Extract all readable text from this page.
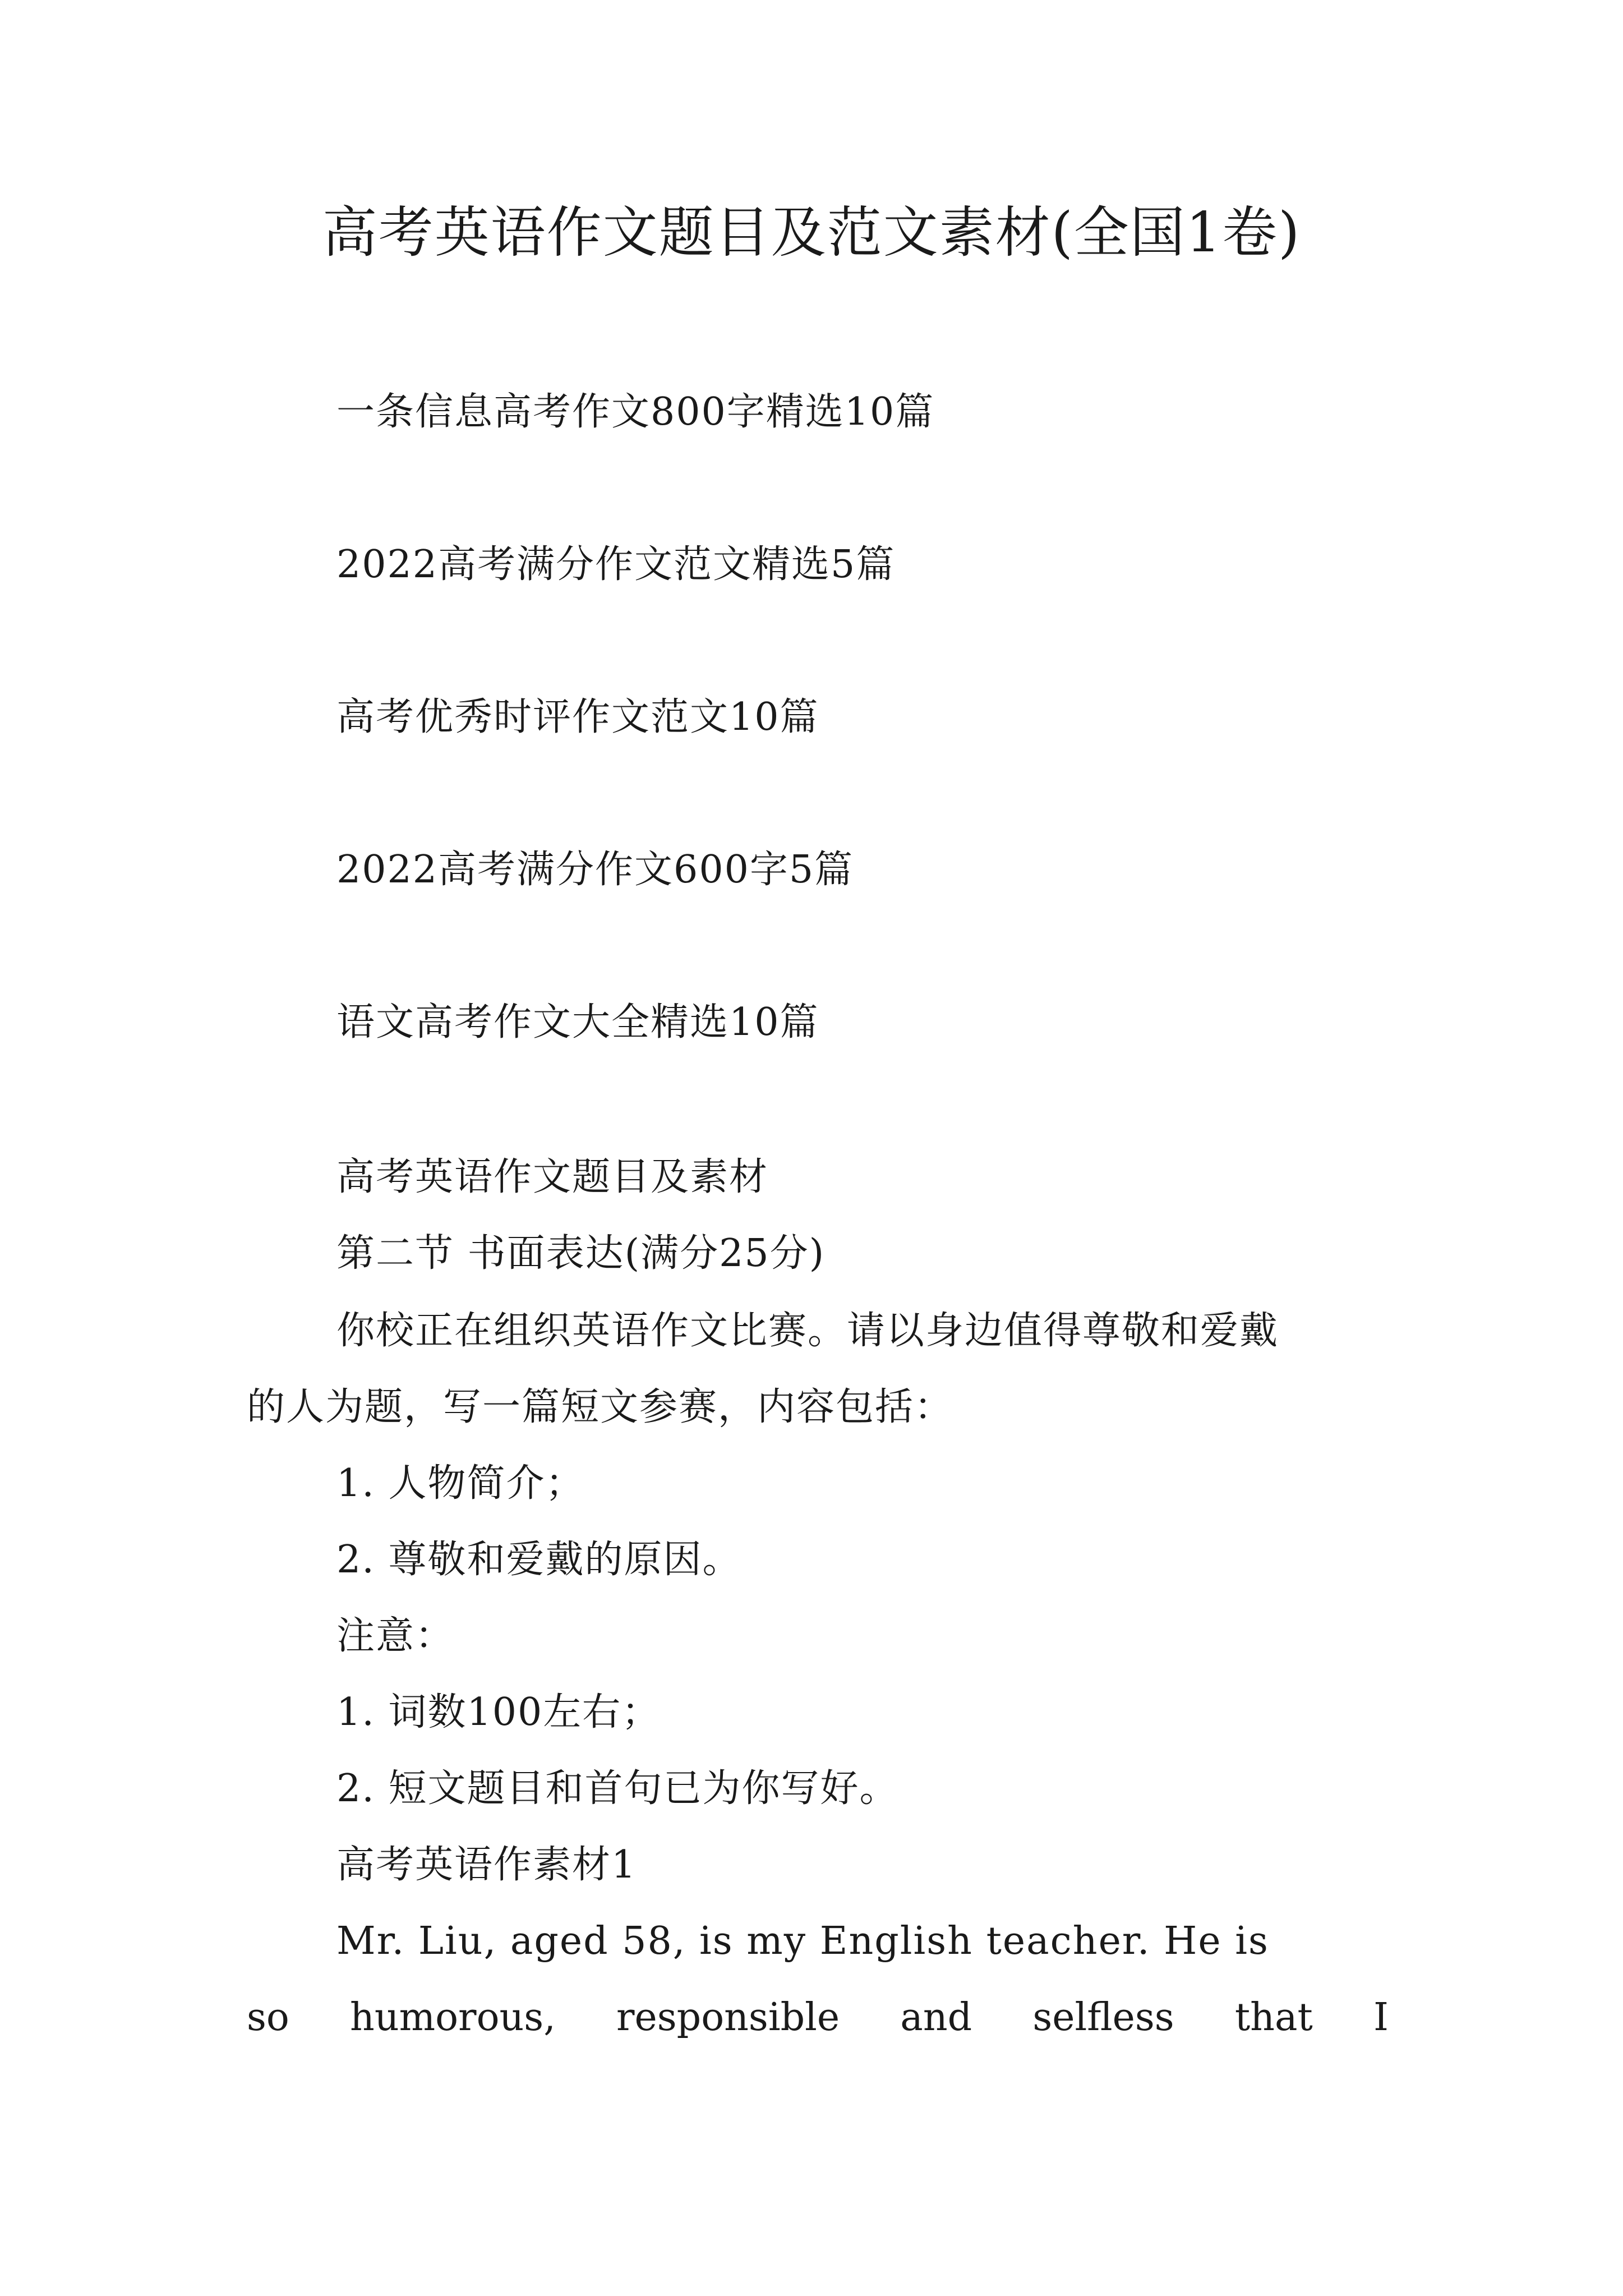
高考英语作文题目及范文素材(全国1卷)
一条信息高考作文800字精选10篇
2022高考满分作文范文精选5篇
高考优秀时评作文范文10篇
2022高考满分作文600字5篇
语文高考作文大全精选10篇
高考英语作文题目及素材
第二节 书面表达(满分25分)
你校正在组织英语作文比赛。请以身边值得尊敬和爱戴
的人为题，写一篇短文参赛，内容包括：
1. 人物简介；
2. 尊敬和爱戴的原因。
注意：
1. 词数100左右；
2. 短文题目和首句已为你写好。
高考英语作素材1
Mr. Liu, aged 58, is my English teacher. He is
so humorous, responsible and selfless that I
